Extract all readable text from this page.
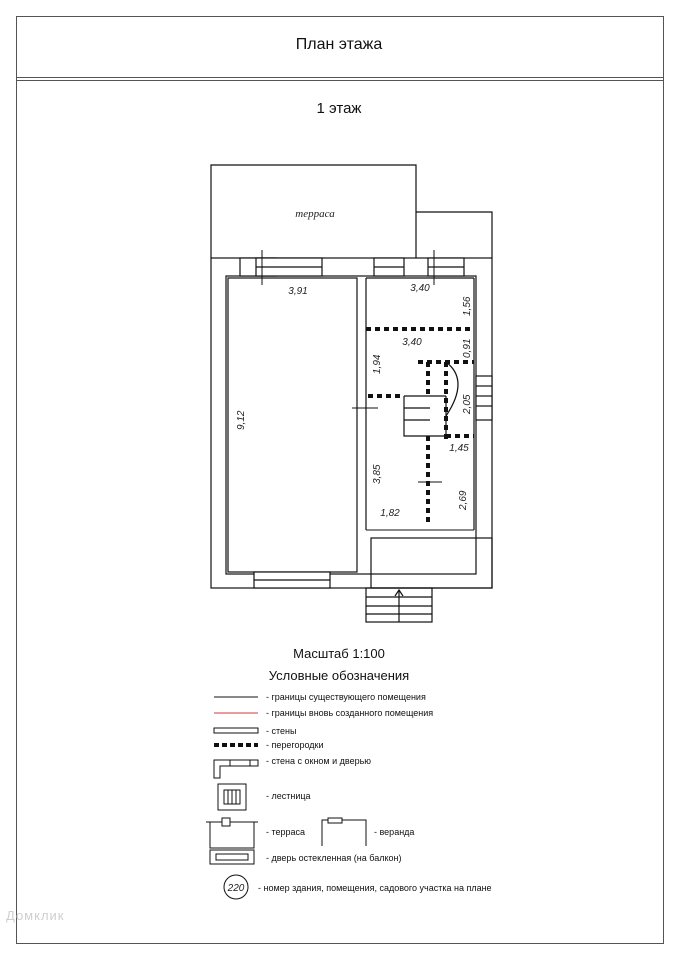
План этажа
1 этаж
терраса
3,91	3,40
1,56
3,40	0,91
1,94
9,12
2,05
1,45
3,85
2,69
1,82
220
Масштаб 1:100
Условные обозначения
- границы существующего помещения
- границы вновь созданного помещения
- стены
- перегородки
- стена с окном и дверью
- лестница
- терраса	- веранда
- дверь остекленная (на балкон)
- номер здания, помещения, садового участка на плане
Домклик
